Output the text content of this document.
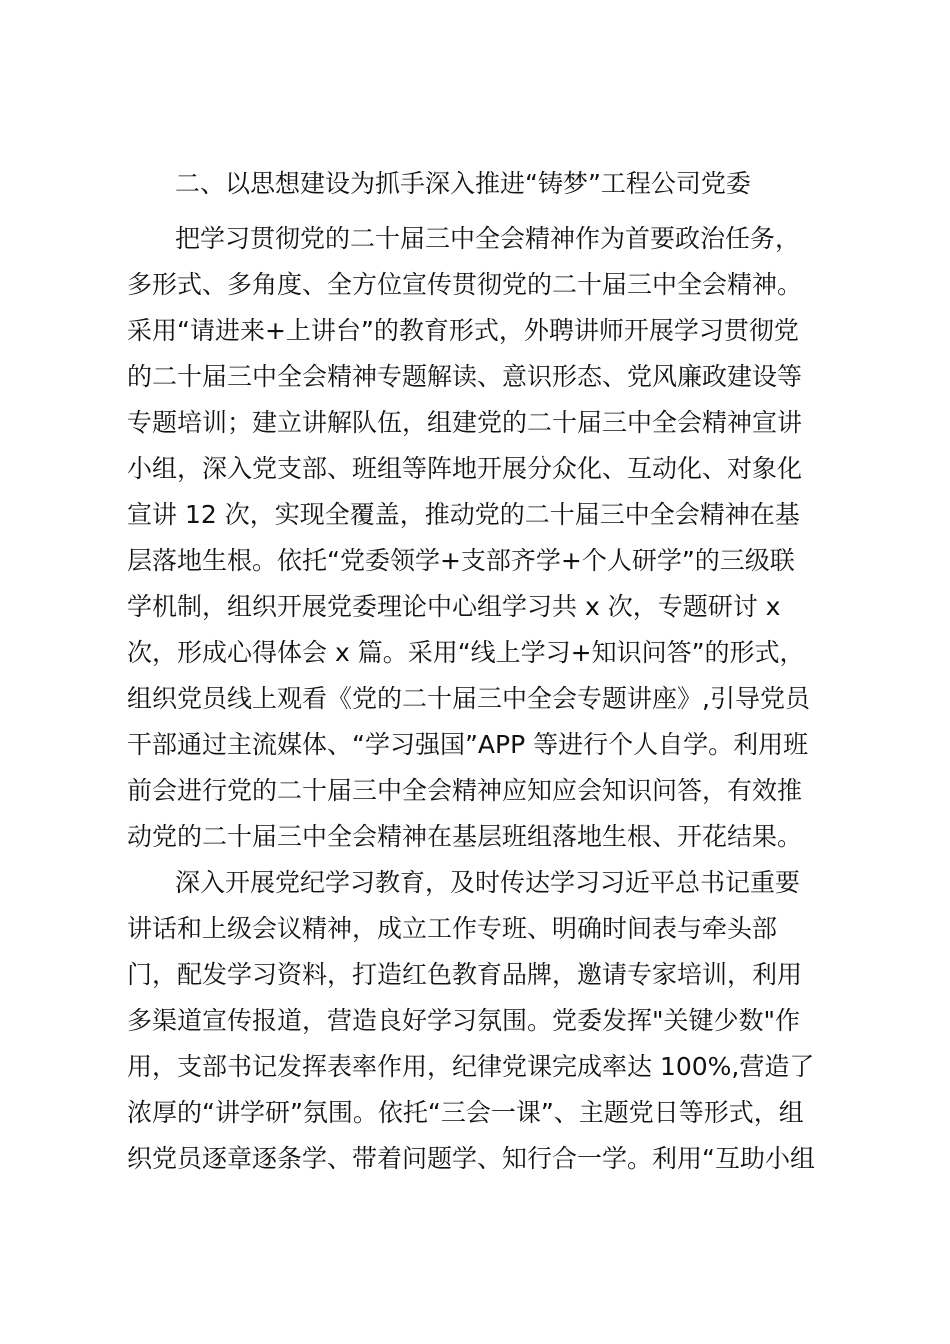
二、以思想建设为抓手深入推进“铸梦”工程公司党委
把学习贯彻党的二十届三中全会精神作为首要政治任务，
多形式、多角度、全方位宣传贯彻党的二十届三中全会精神。
采用“请进来+上讲台”的教育形式，外聘讲师开展学习贯彻党
的二十届三中全会精神专题解读、意识形态、党风廉政建设等
专题培训；建立讲解队伍，组建党的二十届三中全会精神宣讲
小组，深入党支部、班组等阵地开展分众化、互动化、对象化
宣讲 12 次，实现全覆盖，推动党的二十届三中全会精神在基
层落地生根。依托“党委领学+支部齐学+个人研学”的三级联
学机制，组织开展党委理论中心组学习共 x 次，专题研讨 x
次，形成心得体会 x 篇。采用“线上学习+知识问答”的形式，
组织党员线上观看《党的二十届三中全会专题讲座》,引导党员
干部通过主流媒体、“学习强国”APP 等进行个人自学。利用班
前会进行党的二十届三中全会精神应知应会知识问答，有效推
动党的二十届三中全会精神在基层班组落地生根、开花结果。
深入开展党纪学习教育，及时传达学习习近平总书记重要
讲话和上级会议精神，成立工作专班、明确时间表与牵头部
门，配发学习资料，打造红色教育品牌，邀请专家培训，利用
多渠道宣传报道，营造良好学习氛围。党委发挥"关键少数"作
用，支部书记发挥表率作用，纪律党课完成率达 100%,营造了
浓厚的“讲学研”氛围。依托“三会一课”、主题党日等形式，组
织党员逐章逐条学、带着问题学、知行合一学。利用“互助小组
